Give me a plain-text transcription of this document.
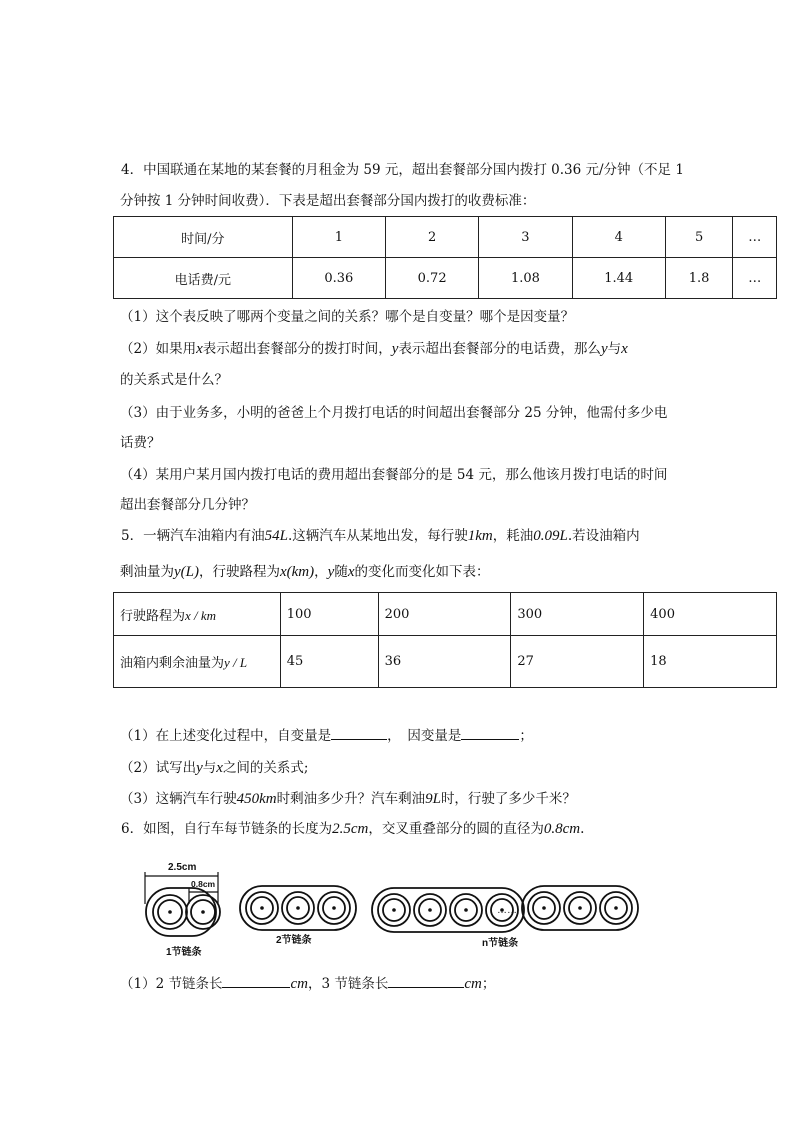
4．中国联通在某地的某套餐的月租金为 59 元，超出套餐部分国内拨打 0.36 元/分钟（不足 1
分钟按 1 分钟时间收费）．下表是超出套餐部分国内拨打的收费标准：
时间/分	1	2	3	4	5	…
电话费/元	0.36	0.72	1.08	1.44	1.8	…
（1）这个表反映了哪两个变量之间的关系？哪个是自变量？哪个是因变量？
（2）如果用x表示超出套餐部分的拨打时间，y表示超出套餐部分的电话费，那么y与x
的关系式是什么？
（3）由于业务多，小明的爸爸上个月拨打电话的时间超出套餐部分 25 分钟，他需付多少电
话费？
（4）某用户某月国内拨打电话的费用超出套餐部分的是 54 元，那么他该月拨打电话的时间
超出套餐部分几分钟？
5．一辆汽车油箱内有油54L.这辆汽车从某地出发，每行驶1km，耗油0.09L.若设油箱内
剩油量为y(L)，行驶路程为x(km)，y随x的变化而变化如下表：
行驶路程为x / km	100	200	300	400
油箱内剩余油量为y / L	45	36	27	18
（1）在上述变化过程中，自变量是	，　因变量是	；
（2）试写出y与x之间的关系式;
（3）这辆汽车行驶450km时剩油多少升？汽车剩油9L时，行驶了多少千米？
6．如图，自行车每节链条的长度为2.5cm，交叉重叠部分的圆的直径为0.8cm.
2.5cm
0.8cm
1节链条
2节链条	n节链条
……
（1）2 节链条长	cm，3 节链条长	cm；
